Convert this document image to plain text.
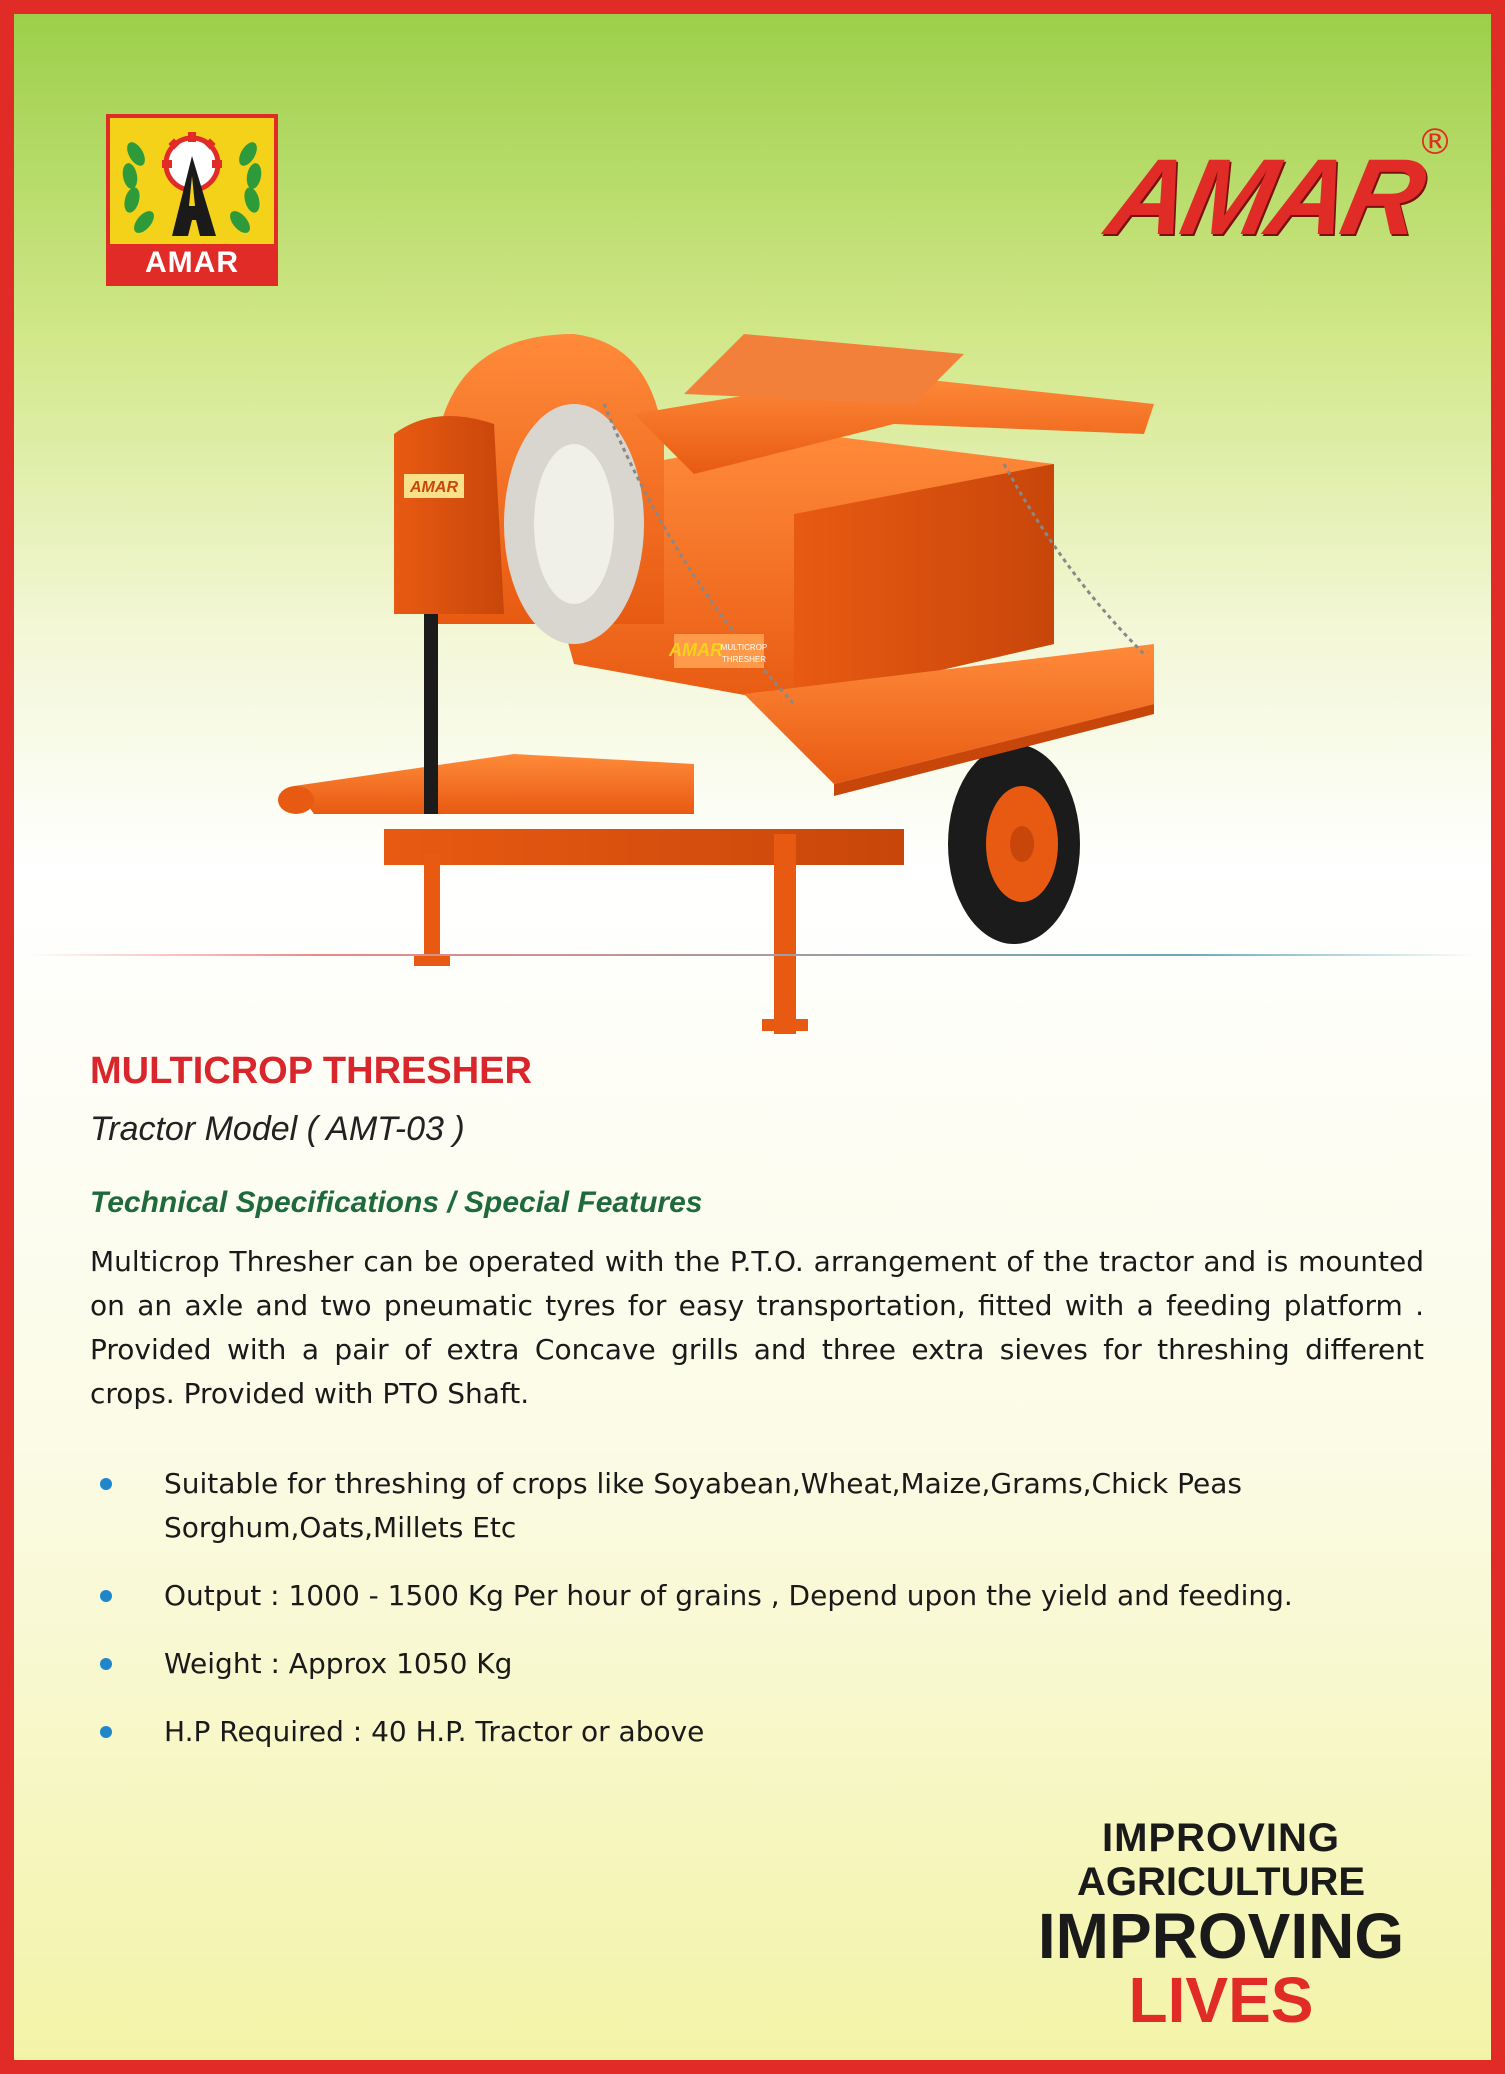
AMAR
AMAR
®
AMAR
AMAR
MULTICROP
THRESHER
MULTICROP THRESHER
Tractor Model ( AMT-03 )
Technical Specifications / Special Features
Multicrop Thresher can be operated with the P.T.O. arrangement of the tractor and is mounted on an axle and two pneumatic tyres for easy transportation, fitted with a feeding platform . Provided with a pair of extra Concave grills and three extra sieves for threshing different crops. Provided with PTO Shaft.
Suitable for threshing of crops like Soyabean,Wheat,Maize,Grams,Chick Peas Sorghum,Oats,Millets Etc
Output : 1000 - 1500 Kg Per hour of grains , Depend upon the yield and feeding.
Weight : Approx 1050 Kg
H.P Required : 40 H.P. Tractor or above
IMPROVING
AGRICULTURE
IMPROVING
LIVES
